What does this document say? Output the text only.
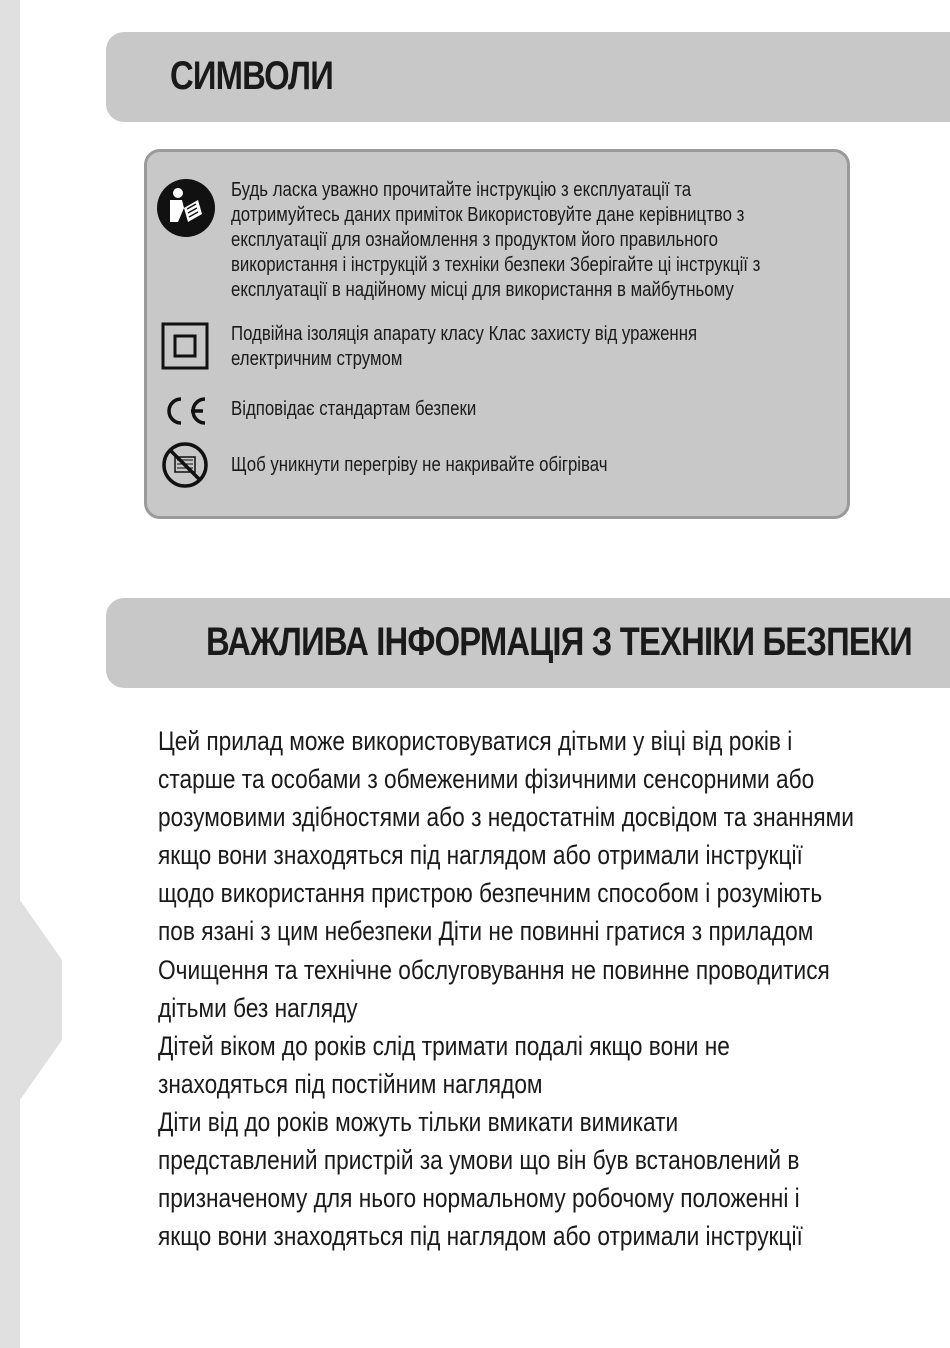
СИМВОЛИ

Будь ласка уважно прочитайте інструкцію з експлуатації та

дотримуйтесь даних приміток Використовуйте дане керівництво з

експлуатації для ознайомлення з продуктом його правильного

використання і інструкцій з техніки безпеки Зберігайте ці інструкції з

експлуатації в надійному місці для використання в майбутньому

Подвійна ізоляція апарату класу Клас захисту від ураження

електричним струмом

Відповідає стандартам безпеки

Щоб уникнути перегріву не накривайте обігрівач

ВАЖЛИВА ІНФОРМАЦІЯ З ТЕХНІКИ БЕЗПЕКИ
Цей прилад може використовуватися дітьми у віці від років і
старше та особами з обмеженими фізичними сенсорними або
розумовими здібностями або з недостатнім досвідом та знаннями
якщо вони знаходяться під наглядом або отримали інструкції
щодо використання пристрою безпечним способом і розуміють
пов язані з цим небезпеки Діти не повинні гратися з приладом
Очищення та технічне обслуговування не повинне проводитися
дітьми без нагляду
Дітей віком до років слід тримати подалі якщо вони не
знаходяться під постійним наглядом
Діти від до років можуть тільки вмикати вимикати
представлений пристрій за умови що він був встановлений в
призначеному для нього нормальному робочому положенні і
якщо вони знаходяться під наглядом або отримали інструкції
